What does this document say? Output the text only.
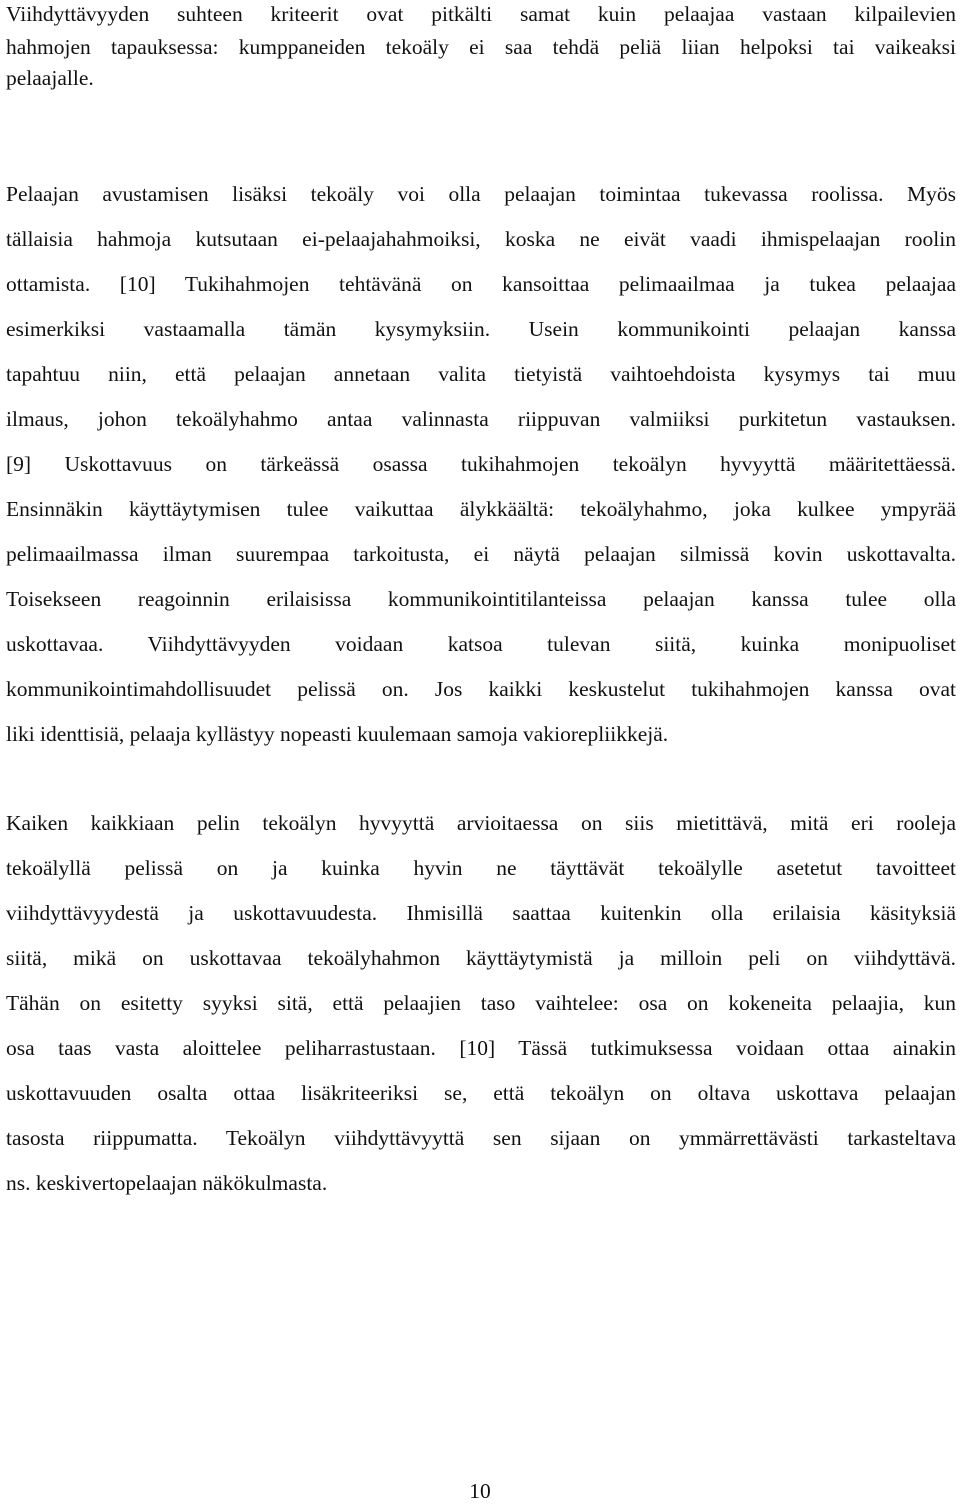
Viihdyttävyyden suhteen kriteerit ovat pitkälti samat kuin pelaajaa vastaan kilpailevien
hahmojen tapauksessa: kumppaneiden tekoäly ei saa tehdä peliä liian helpoksi tai vaikeaksi
pelaajalle.
Pelaajan avustamisen lisäksi tekoäly voi olla pelaajan toimintaa tukevassa roolissa. Myös
tällaisia hahmoja kutsutaan ei-pelaajahahmoiksi, koska ne eivät vaadi ihmispelaajan roolin
ottamista. [10] Tukihahmojen tehtävänä on kansoittaa pelimaailmaa ja tukea pelaajaa
esimerkiksi vastaamalla tämän kysymyksiin. Usein kommunikointi pelaajan kanssa
tapahtuu niin, että pelaajan annetaan valita tietyistä vaihtoehdoista kysymys tai muu
ilmaus, johon tekoälyhahmo antaa valinnasta riippuvan valmiiksi purkitetun vastauksen.
[9] Uskottavuus on tärkeässä osassa tukihahmojen tekoälyn hyvyyttä määritettäessä.
Ensinnäkin käyttäytymisen tulee vaikuttaa älykkäältä: tekoälyhahmo, joka kulkee ympyrää
pelimaailmassa ilman suurempaa tarkoitusta, ei näytä pelaajan silmissä kovin uskottavalta.
Toisekseen reagoinnin erilaisissa kommunikointitilanteissa pelaajan kanssa tulee olla
uskottavaa. Viihdyttävyyden voidaan katsoa tulevan siitä, kuinka monipuoliset
kommunikointimahdollisuudet pelissä on. Jos kaikki keskustelut tukihahmojen kanssa ovat
liki identtisiä, pelaaja kyllästyy nopeasti kuulemaan samoja vakiorepliikkejä.
Kaiken kaikkiaan pelin tekoälyn hyvyyttä arvioitaessa on siis mietittävä, mitä eri rooleja
tekoälyllä pelissä on ja kuinka hyvin ne täyttävät tekoälylle asetetut tavoitteet
viihdyttävyydestä ja uskottavuudesta. Ihmisillä saattaa kuitenkin olla erilaisia käsityksiä
siitä, mikä on uskottavaa tekoälyhahmon käyttäytymistä ja milloin peli on viihdyttävä.
Tähän on esitetty syyksi sitä, että pelaajien taso vaihtelee: osa on kokeneita pelaajia, kun
osa taas vasta aloittelee peliharrastustaan. [10] Tässä tutkimuksessa voidaan ottaa ainakin
uskottavuuden osalta ottaa lisäkriteeriksi se, että tekoälyn on oltava uskottava pelaajan
tasosta riippumatta. Tekoälyn viihdyttävyyttä sen sijaan on ymmärrettävästi tarkasteltava
ns. keskivertopelaajan näkökulmasta.
10
